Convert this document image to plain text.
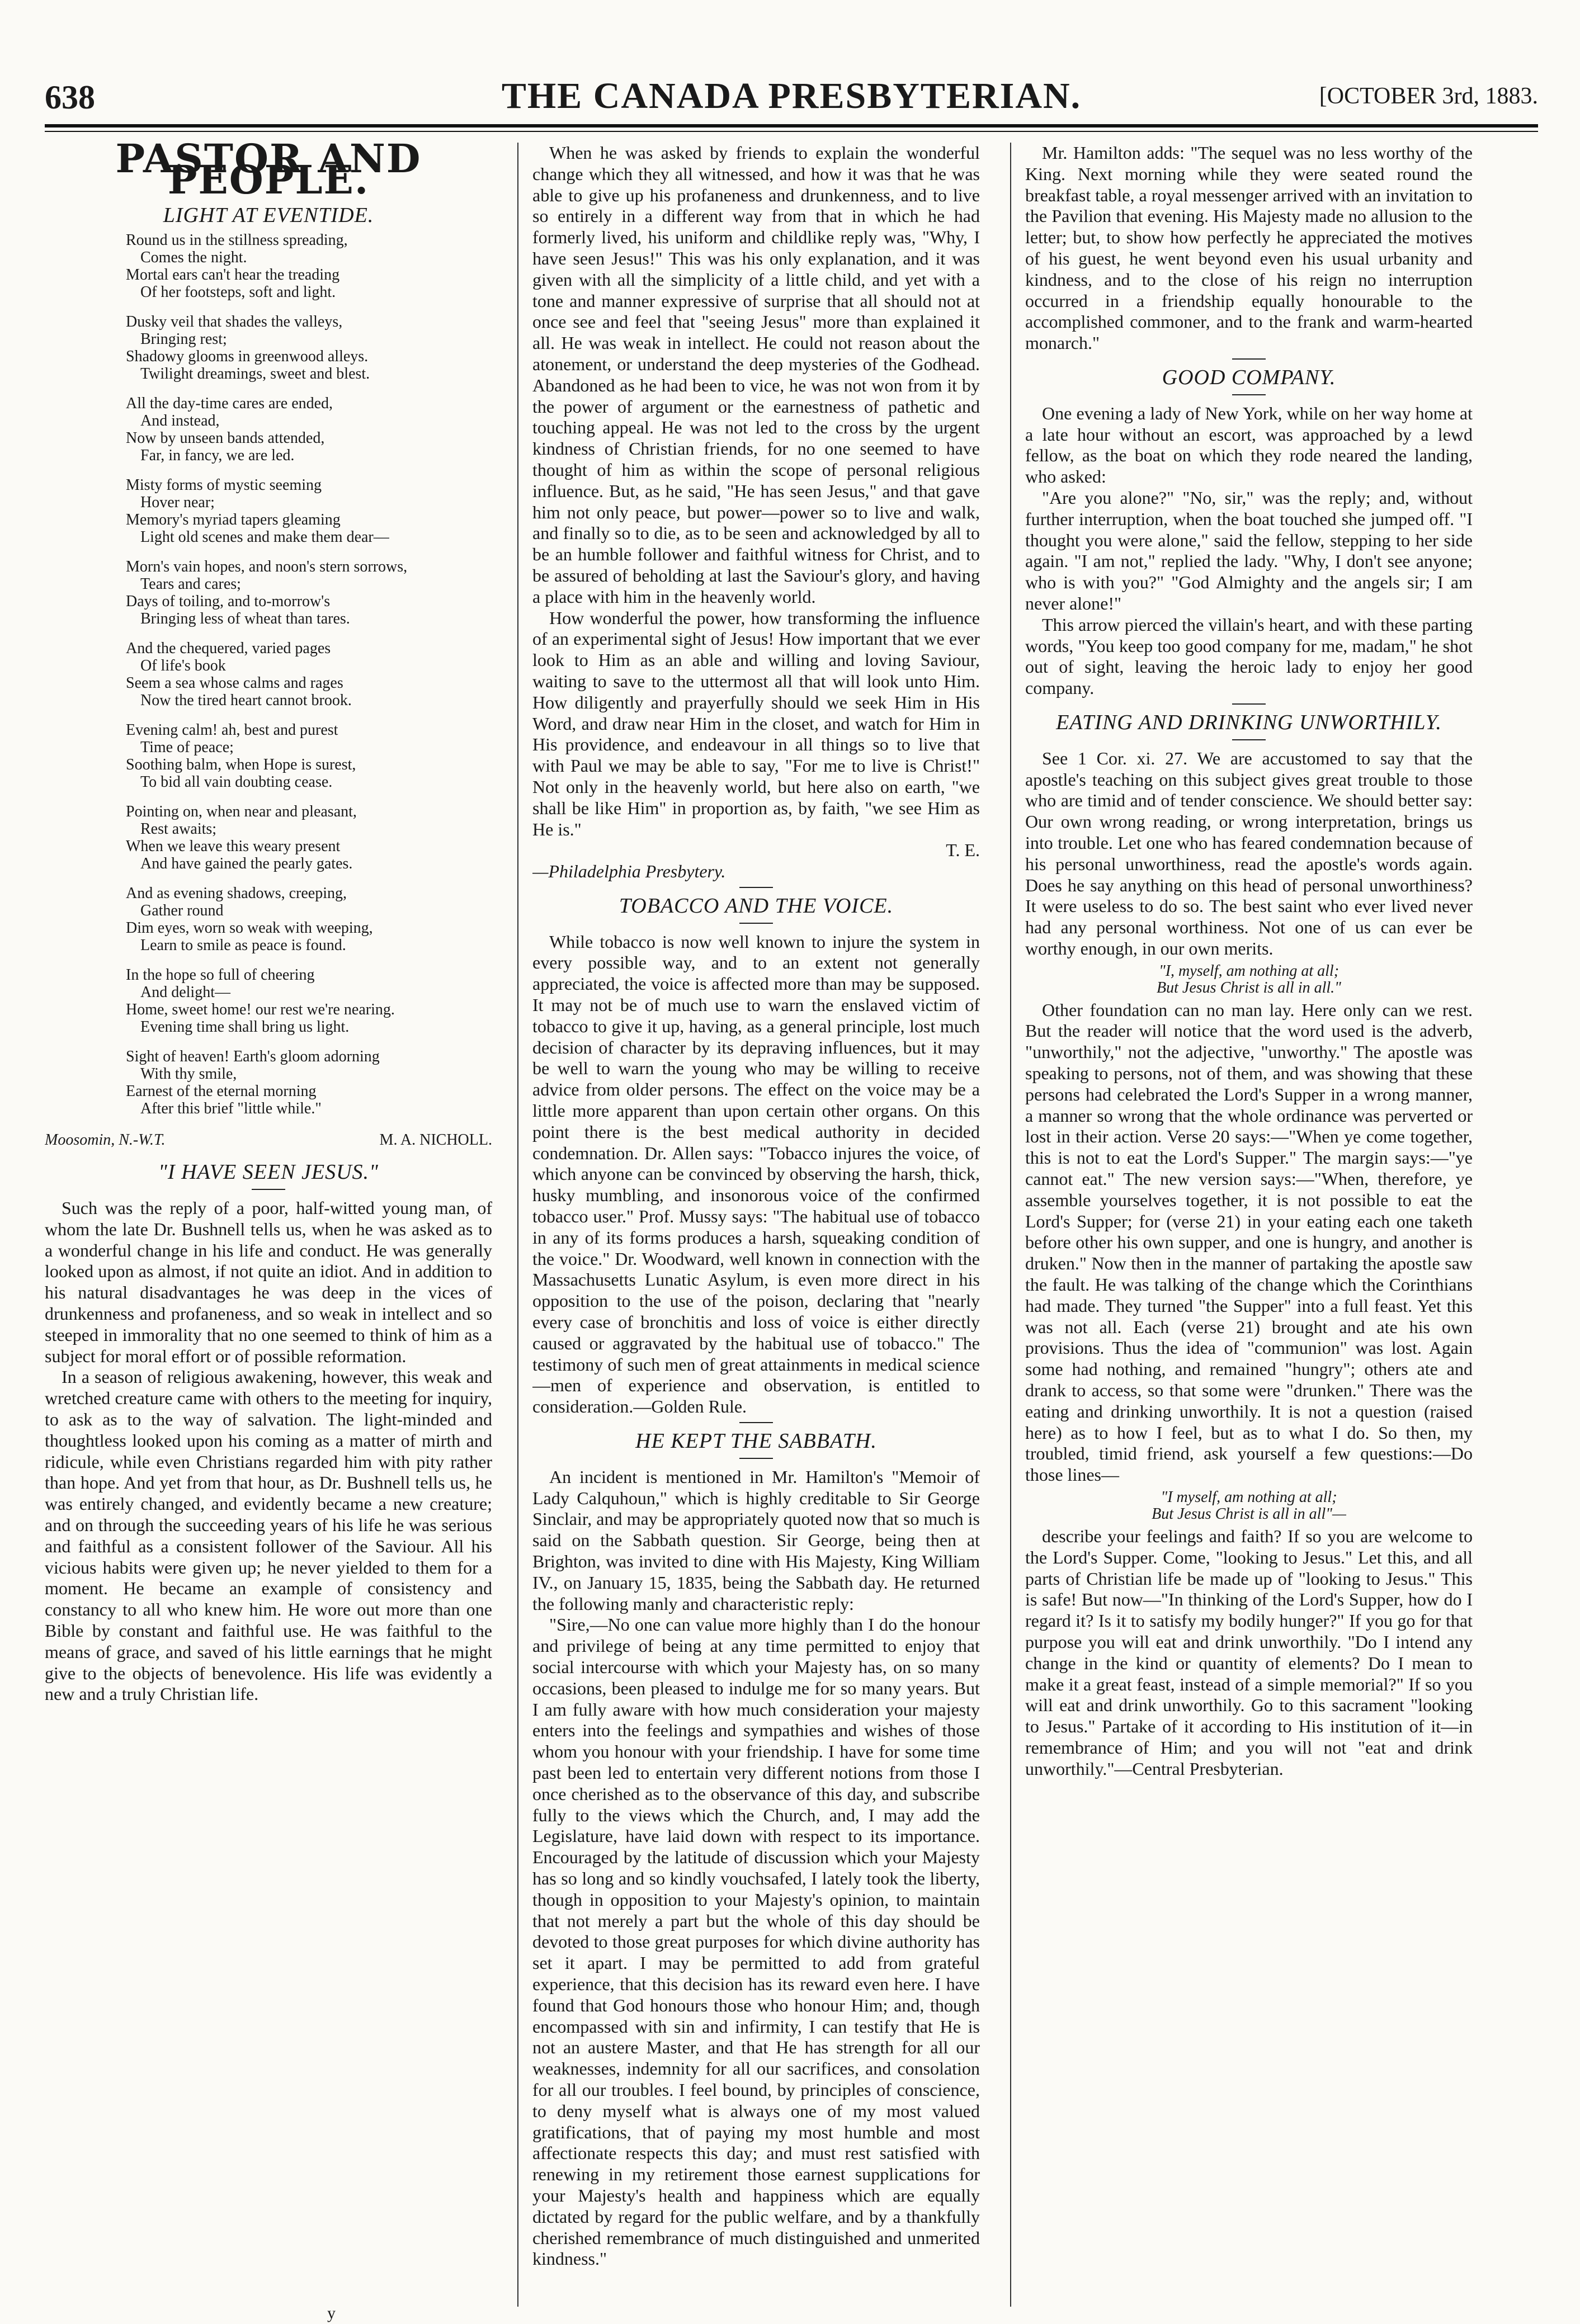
638	THE CANADA PRESBYTERIAN.	[OCTOBER 3rd, 1883.
PASTOR AND PEOPLE.
LIGHT AT EVENTIDE.
Round us in the stillness spreading,
Comes the night.
Mortal ears can't hear the treading
Of her footsteps, soft and light.
Dusky veil that shades the valleys,
Bringing rest;
Shadowy glooms in greenwood alleys.
Twilight dreamings, sweet and blest.
All the day-time cares are ended,
And instead,
Now by unseen bands attended,
Far, in fancy, we are led.
Misty forms of mystic seeming
Hover near;
Memory's myriad tapers gleaming
Light old scenes and make them dear—
Morn's vain hopes, and noon's stern sorrows,
Tears and cares;
Days of toiling, and to-morrow's
Bringing less of wheat than tares.
And the chequered, varied pages
Of life's book
Seem a sea whose calms and rages
Now the tired heart cannot brook.
Evening calm! ah, best and purest
Time of peace;
Soothing balm, when Hope is surest,
To bid all vain doubting cease.
Pointing on, when near and pleasant,
Rest awaits;
When we leave this weary present
And have gained the pearly gates.
And as evening shadows, creeping,
Gather round
Dim eyes, worn so weak with weeping,
Learn to smile as peace is found.
In the hope so full of cheering
And delight—
Home, sweet home! our rest we're nearing.
Evening time shall bring us light.
Sight of heaven! Earth's gloom adorning
With thy smile,
Earnest of the eternal morning
After this brief "little while."
Moosomin, N.-W.T.	M. A. NICHOLL.
"I HAVE SEEN JESUS."

Such was the reply of a poor, half-witted young man, of whom the late Dr. Bushnell tells us, when he was asked as to a wonderful change in his life and conduct. He was generally looked upon as almost, if not quite an idiot. And in addition to his natural disadvantages he was deep in the vices of drunkenness and profaneness, and so weak in intellect and so steeped in immorality that no one seemed to think of him as a subject for moral effort or of possible reformation.

In a season of religious awakening, however, this weak and wretched creature came with others to the meeting for inquiry, to ask as to the way of salvation. The light-minded and thoughtless looked upon his coming as a matter of mirth and ridicule, while even Christians regarded him with pity rather than hope. And yet from that hour, as Dr. Bushnell tells us, he was entirely changed, and evidently became a new creature; and on through the succeeding years of his life he was serious and faithful as a consistent follower of the Saviour. All his vicious habits were given up; he never yielded to them for a moment. He became an example of consistency and constancy to all who knew him. He wore out more than one Bible by constant and faithful use. He was faithful to the means of grace, and saved of his little earnings that he might give to the objects of benevolence. His life was evidently a new and a truly Christian life.

When he was asked by friends to explain the wonderful change which they all witnessed, and how it was that he was able to give up his profaneness and drunkenness, and to live so entirely in a different way from that in which he had formerly lived, his uniform and childlike reply was, "Why, I have seen Jesus!" This was his only explanation, and it was given with all the simplicity of a little child, and yet with a tone and manner expressive of surprise that all should not at once see and feel that "seeing Jesus" more than explained it all. He was weak in intellect. He could not reason about the atonement, or understand the deep mysteries of the Godhead. Abandoned as he had been to vice, he was not won from it by the power of argument or the earnestness of pathetic and touching appeal. He was not led to the cross by the urgent kindness of Christian friends, for no one seemed to have thought of him as within the scope of personal religious influence. But, as he said, "He has seen Jesus," and that gave him not only peace, but power—power so to live and walk, and finally so to die, as to be seen and acknowledged by all to be an humble follower and faithful witness for Christ, and to be assured of beholding at last the Saviour's glory, and having a place with him in the heavenly world.

How wonderful the power, how transforming the influence of an experimental sight of Jesus! How important that we ever look to Him as an able and willing and loving Saviour, waiting to save to the uttermost all that will look unto Him. How diligently and prayerfully should we seek Him in His Word, and draw near Him in the closet, and watch for Him in His providence, and endeavour in all things so to live that with Paul we may be able to say, "For me to live is Christ!" Not only in the heavenly world, but here also on earth, "we shall be like Him" in proportion as, by faith, "we see Him as He is."

T. E.
—Philadelphia Presbytery.
TOBACCO AND THE VOICE.

While tobacco is now well known to injure the system in every possible way, and to an extent not generally appreciated, the voice is affected more than may be supposed. It may not be of much use to warn the enslaved victim of tobacco to give it up, having, as a general principle, lost much decision of character by its depraving influences, but it may be well to warn the young who may be willing to receive advice from older persons. The effect on the voice may be a little more apparent than upon certain other organs. On this point there is the best medical authority in decided condemnation. Dr. Allen says: "Tobacco injures the voice, of which anyone can be convinced by observing the harsh, thick, husky mumbling, and insonorous voice of the confirmed tobacco user." Prof. Mussy says: "The habitual use of tobacco in any of its forms produces a harsh, squeaking condition of the voice." Dr. Woodward, well known in connection with the Massachusetts Lunatic Asylum, is even more direct in his opposition to the use of the poison, declaring that "nearly every case of bronchitis and loss of voice is either directly caused or aggravated by the habitual use of tobacco." The testimony of such men of great attainments in medical science—men of experience and observation, is entitled to consideration.—Golden Rule.

HE KEPT THE SABBATH.

An incident is mentioned in Mr. Hamilton's "Memoir of Lady Calquhoun," which is highly creditable to Sir George Sinclair, and may be appropriately quoted now that so much is said on the Sabbath question. Sir George, being then at Brighton, was invited to dine with His Majesty, King William IV., on January 15, 1835, being the Sabbath day. He returned the following manly and characteristic reply:

"Sire,—No one can value more highly than I do the honour and privilege of being at any time permitted to enjoy that social intercourse with which your Majesty has, on so many occasions, been pleased to indulge me for so many years. But I am fully aware with how much consideration your majesty enters into the feelings and sympathies and wishes of those whom you honour with your friendship. I have for some time past been led to entertain very different notions from those I once cherished as to the observance of this day, and subscribe fully to the views which the Church, and, I may add the Legislature, have laid down with respect to its importance. Encouraged by the latitude of discussion which your Majesty has so long and so kindly vouchsafed, I lately took the liberty, though in opposition to your Majesty's opinion, to maintain that not merely a part but the whole of this day should be devoted to those great purposes for which divine authority has set it apart. I may be permitted to add from grateful experience, that this decision has its reward even here. I have found that God honours those who honour Him; and, though encompassed with sin and infirmity, I can testify that He is not an austere Master, and that He has strength for all our weaknesses, indemnity for all our sacrifices, and consolation for all our troubles. I feel bound, by principles of conscience, to deny myself what is always one of my most valued gratifications, that of paying my most humble and most affectionate respects this day; and must rest satisfied with renewing in my retirement those earnest supplications for your Majesty's health and happiness which are equally dictated by regard for the public welfare, and by a thankfully cherished remembrance of much distinguished and unmerited kindness."

Mr. Hamilton adds: "The sequel was no less worthy of the King. Next morning while they were seated round the breakfast table, a royal messenger arrived with an invitation to the Pavilion that evening. His Majesty made no allusion to the letter; but, to show how perfectly he appreciated the motives of his guest, he went beyond even his usual urbanity and kindness, and to the close of his reign no interruption occurred in a friendship equally honourable to the accomplished commoner, and to the frank and warm-hearted monarch."

GOOD COMPANY.

One evening a lady of New York, while on her way home at a late hour without an escort, was approached by a lewd fellow, as the boat on which they rode neared the landing, who asked:

"Are you alone?" "No, sir," was the reply; and, without further interruption, when the boat touched she jumped off. "I thought you were alone," said the fellow, stepping to her side again. "I am not," replied the lady. "Why, I don't see anyone; who is with you?" "God Almighty and the angels sir; I am never alone!"

This arrow pierced the villain's heart, and with these parting words, "You keep too good company for me, madam," he shot out of sight, leaving the heroic lady to enjoy her good company.

EATING AND DRINKING UNWORTHILY.

See 1 Cor. xi. 27. We are accustomed to say that the apostle's teaching on this subject gives great trouble to those who are timid and of tender conscience. We should better say: Our own wrong reading, or wrong interpretation, brings us into trouble. Let one who has feared condemnation because of his personal unworthiness, read the apostle's words again. Does he say anything on this head of personal unworthiness? It were useless to do so. The best saint who ever lived never had any personal worthiness. Not one of us can ever be worthy enough, in our own merits.

"I, myself, am nothing at all;
But Jesus Christ is all in all."

Other foundation can no man lay. Here only can we rest. But the reader will notice that the word used is the adverb, "unworthily," not the adjective, "unworthy." The apostle was speaking to persons, not of them, and was showing that these persons had celebrated the Lord's Supper in a wrong manner, a manner so wrong that the whole ordinance was perverted or lost in their action. Verse 20 says:—"When ye come together, this is not to eat the Lord's Supper." The margin says:—"ye cannot eat." The new version says:—"When, therefore, ye assemble yourselves together, it is not possible to eat the Lord's Supper; for (verse 21) in your eating each one taketh before other his own supper, and one is hungry, and another is druken." Now then in the manner of partaking the apostle saw the fault. He was talking of the change which the Corinthians had made. They turned "the Supper" into a full feast. Yet this was not all. Each (verse 21) brought and ate his own provisions. Thus the idea of "communion" was lost. Again some had nothing, and remained "hungry"; others ate and drank to access, so that some were "drunken." There was the eating and drinking unworthily. It is not a question (raised here) as to how I feel, but as to what I do. So then, my troubled, timid friend, ask yourself a few questions:—Do those lines—

"I myself, am nothing at all;
But Jesus Christ is all in all"—

describe your feelings and faith? If so you are welcome to the Lord's Supper. Come, "looking to Jesus." Let this, and all parts of Christian life be made up of "looking to Jesus." This is safe! But now—"In thinking of the Lord's Supper, how do I regard it? Is it to satisfy my bodily hunger?" If you go for that purpose you will eat and drink unworthily. "Do I intend any change in the kind or quantity of elements? Do I mean to make it a great feast, instead of a simple memorial?" If so you will eat and drink unworthily. Go to this sacrament "looking to Jesus." Partake of it according to His institution of it—in remembrance of Him; and you will not "eat and drink unworthily."—Central Presbyterian.

y
